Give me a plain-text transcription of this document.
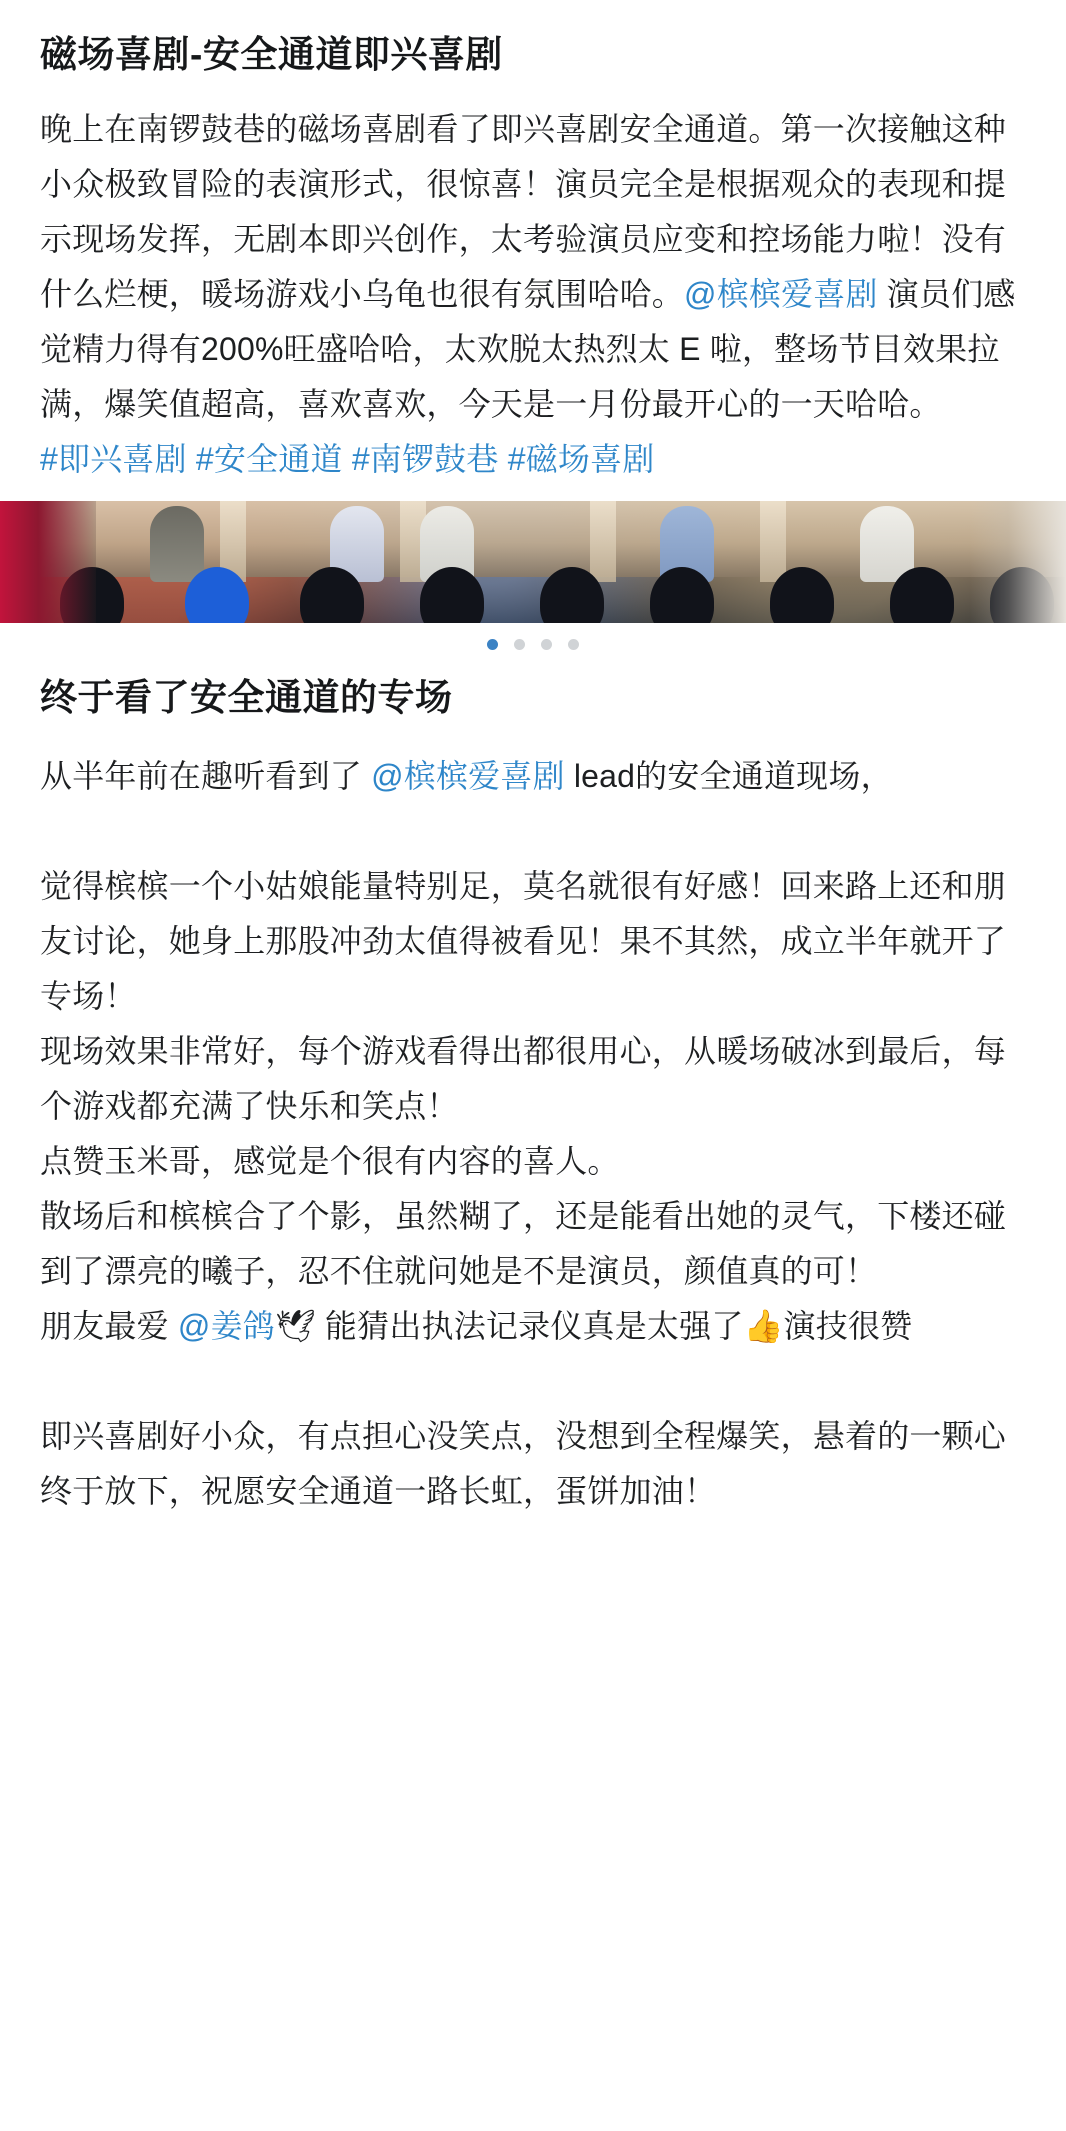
磁场喜剧-安全通道即兴喜剧

晚上在南锣鼓巷的磁场喜剧看了即兴喜剧安全通道。第一次接触这种小众极致冒险的表演形式，很惊喜！演员完全是根据观众的表现和提示现场发挥，无剧本即兴创作，太考验演员应变和控场能力啦！没有什么烂梗，暖场游戏小乌龟也很有氛围哈哈。@槟槟爱喜剧 演员们感觉精力得有200%旺盛哈哈，太欢脱太热烈太 E 啦，整场节目效果拉满，爆笑值超高，喜欢喜欢，今天是一月份最开心的一天哈哈。 #即兴喜剧 #安全通道 #南锣鼓巷 #磁场喜剧

终于看了安全通道的专场

从半年前在趣听看到了 @槟槟爱喜剧 lead的安全通道现场，

觉得槟槟一个小姑娘能量特别足，莫名就很有好感！回来路上还和朋友讨论，她身上那股冲劲太值得被看见！果不其然，成立半年就开了专场！

现场效果非常好，每个游戏看得出都很用心，从暖场破冰到最后，每个游戏都充满了快乐和笑点！

点赞玉米哥，感觉是个很有内容的喜人。

散场后和槟槟合了个影，虽然糊了，还是能看出她的灵气，下楼还碰到了漂亮的曦子，忍不住就问她是不是演员，颜值真的可！

朋友最爱 @姜鸽🕊 能猜出执法记录仪真是太强了👍演技很赞

即兴喜剧好小众，有点担心没笑点，没想到全程爆笑，悬着的一颗心终于放下，祝愿安全通道一路长虹，蛋饼加油！
